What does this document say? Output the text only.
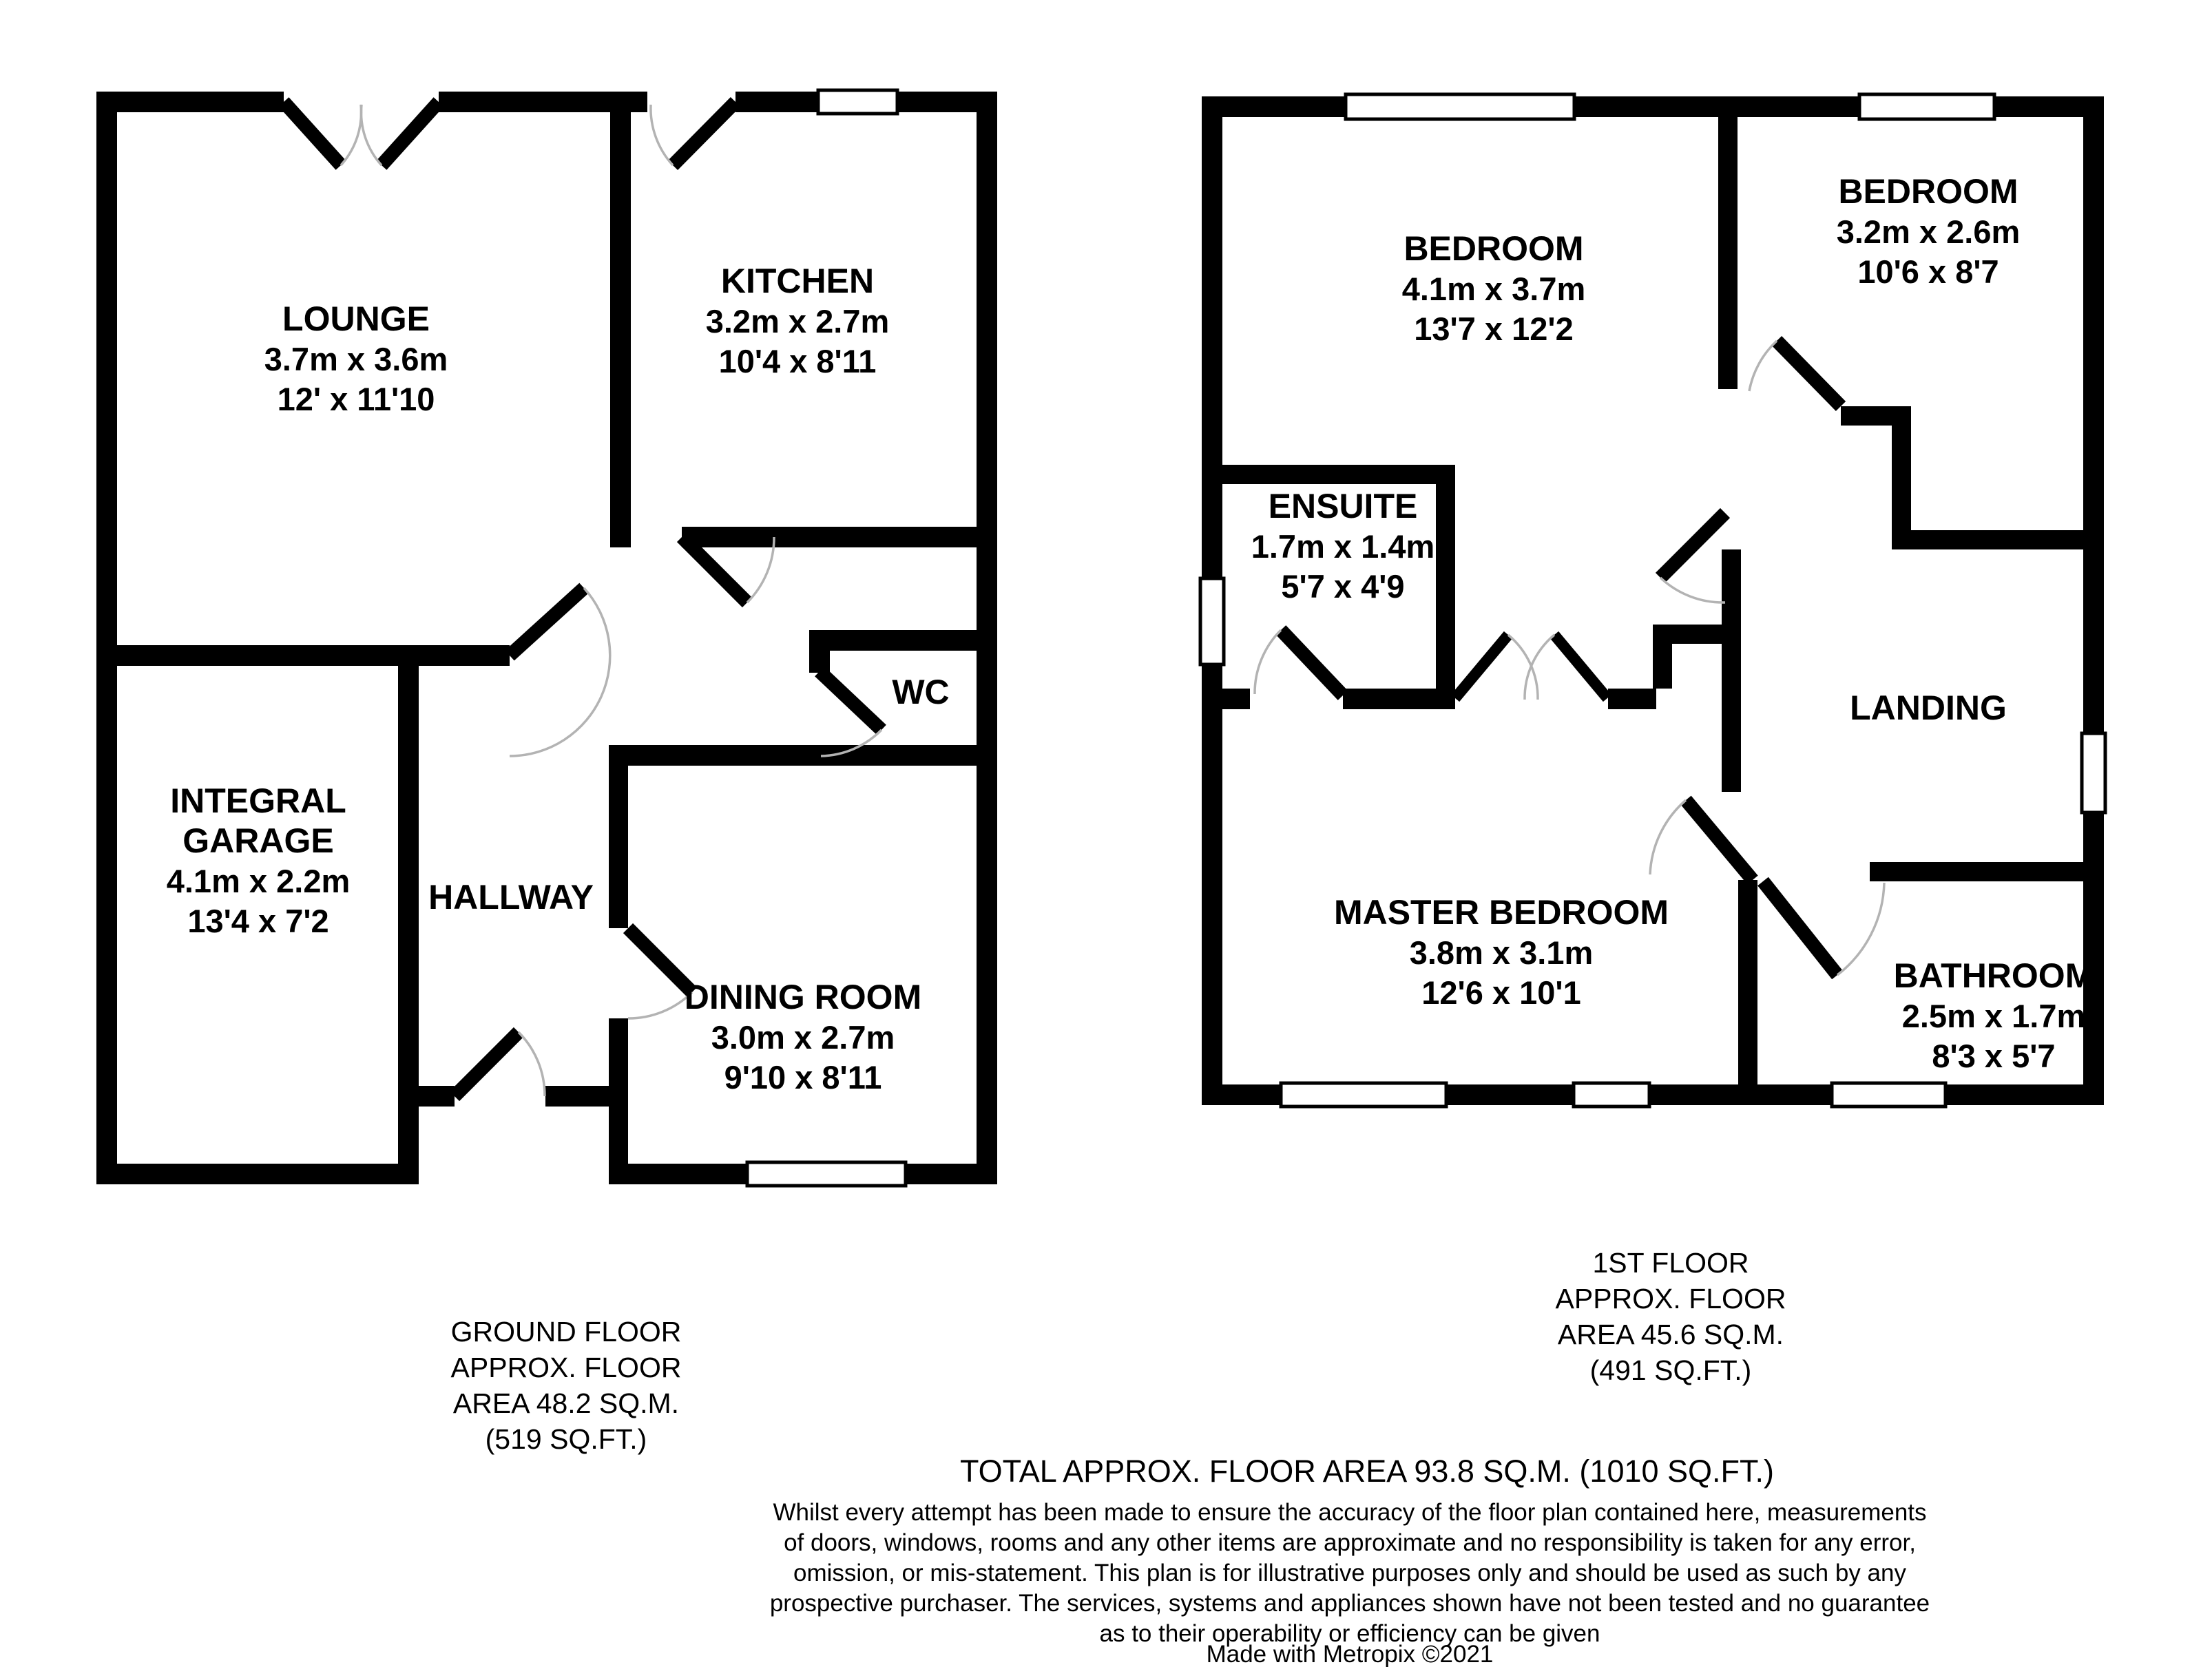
LOUNGE
3.7m x 3.6m
12' x 11'10
KITCHEN
3.2m x 2.7m
10'4 x 8'11
WC
INTEGRAL
GARAGE
4.1m x 2.2m
13'4 x 7'2
HALLWAY
DINING ROOM
3.0m x 2.7m
9'10 x 8'11
BEDROOM
4.1m x 3.7m
13'7 x 12'2
BEDROOM
3.2m x 2.6m
10'6 x 8'7
ENSUITE
1.7m x 1.4m
5'7 x 4'9
LANDING
MASTER BEDROOM
3.8m x 3.1m
12'6 x 10'1	BATHROOM
2.5m x 1.7m
8'3 x 5'7
GROUND FLOOR
APPROX. FLOOR
AREA 48.2 SQ.M.
(519 SQ.FT.)
1ST FLOOR
APPROX. FLOOR
AREA 45.6 SQ.M.
(491 SQ.FT.)
TOTAL APPROX. FLOOR AREA 93.8 SQ.M. (1010 SQ.FT.)
Whilst every attempt has been made to ensure the accuracy of the floor plan contained here, measurements
of doors, windows, rooms and any other items are approximate and no responsibility is taken for any error,
omission, or mis-statement. This plan is for illustrative purposes only and should be used as such by any
prospective purchaser. The services, systems and appliances shown have not been tested and no guarantee
as to their operability or efficiency can be given
Made with Metropix ©2021
